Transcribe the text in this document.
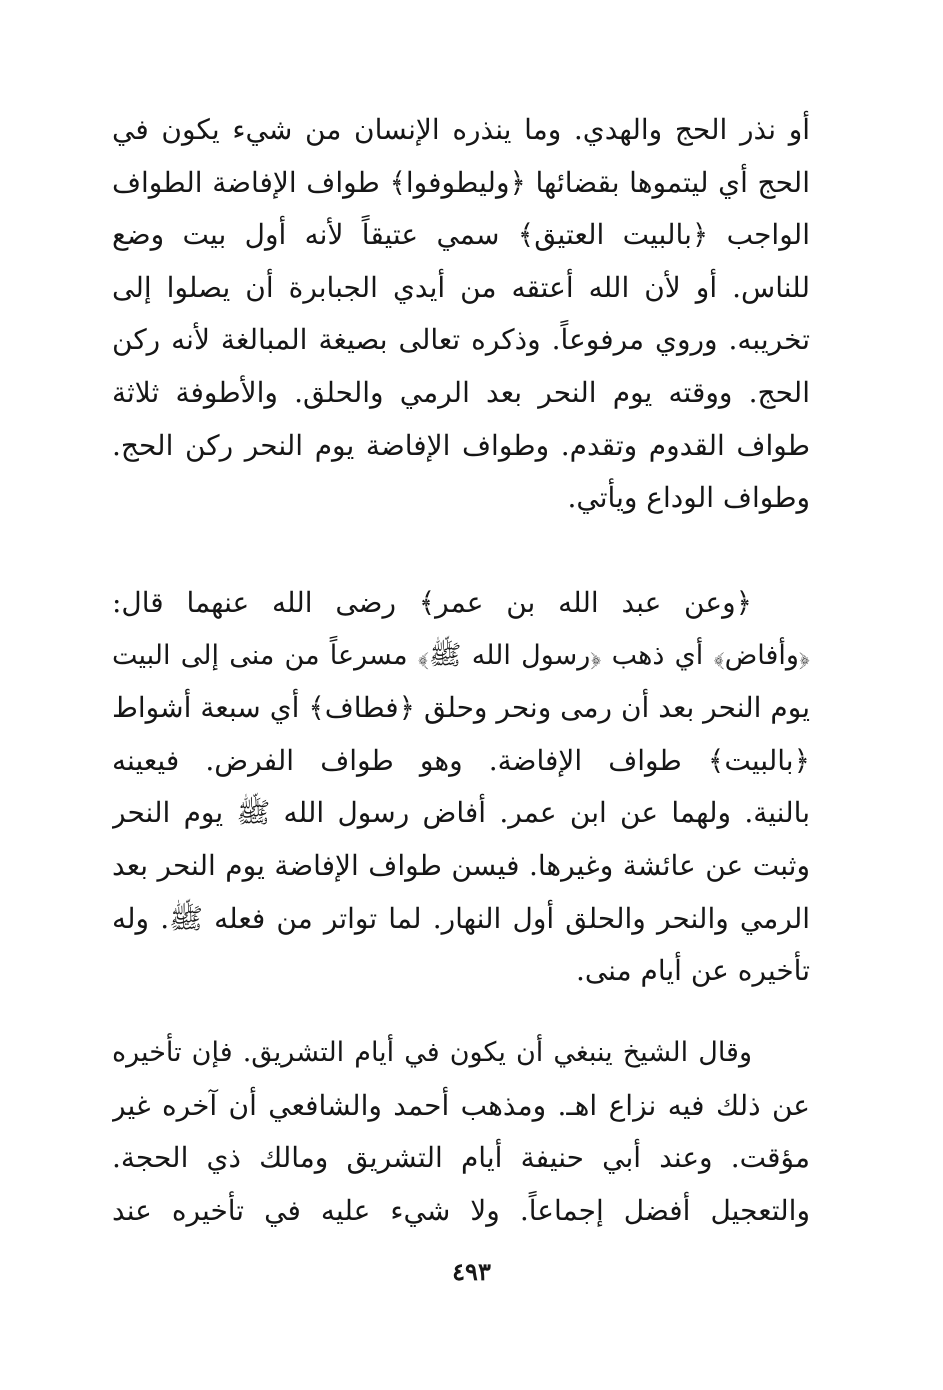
أو نذر الحج والهدي. وما ينذره الإنسان من شيء يكون في
الحج أي ليتموها بقضائها ﴿وليطوفوا﴾ طواف الإفاضة الطواف
الواجب ﴿بالبيت العتيق﴾ سمي عتيقاً لأنه أول بيت وضع
للناس. أو لأن الله أعتقه من أيدي الجبابرة أن يصلوا إلى
تخريبه. وروي مرفوعاً. وذكره تعالى بصيغة المبالغة لأنه ركن
الحج. ووقته يوم النحر بعد الرمي والحلق. والأطوفة ثلاثة
طواف القدوم وتقدم. وطواف الإفاضة يوم النحر ركن الحج.
وطواف الوداع ويأتي.
﴿وعن عبد الله بن عمر﴾ رضى الله عنهما قال:
﴿وأفاض﴾ أي ذهب ﴿رسول الله ﷺ﴾ مسرعاً من منى إلى البيت
يوم النحر بعد أن رمى ونحر وحلق ﴿فطاف﴾ أي سبعة أشواط
﴿بالبيت﴾ طواف الإفاضة. وهو طواف الفرض. فيعينه
بالنية. ولهما عن ابن عمر. أفاض رسول الله ﷺ يوم النحر
وثبت عن عائشة وغيرها. فيسن طواف الإفاضة يوم النحر بعد
الرمي والنحر والحلق أول النهار. لما تواتر من فعله ﷺ. وله
تأخيره عن أيام منى.
وقال الشيخ ينبغي أن يكون في أيام التشريق. فإن تأخيره
عن ذلك فيه نزاع اهـ. ومذهب أحمد والشافعي أن آخره غير
مؤقت. وعند أبي حنيفة أيام التشريق ومالك ذي الحجة.
والتعجيل أفضل إجماعاً. ولا شيء عليه في تأخيره عند
٤٩٣
